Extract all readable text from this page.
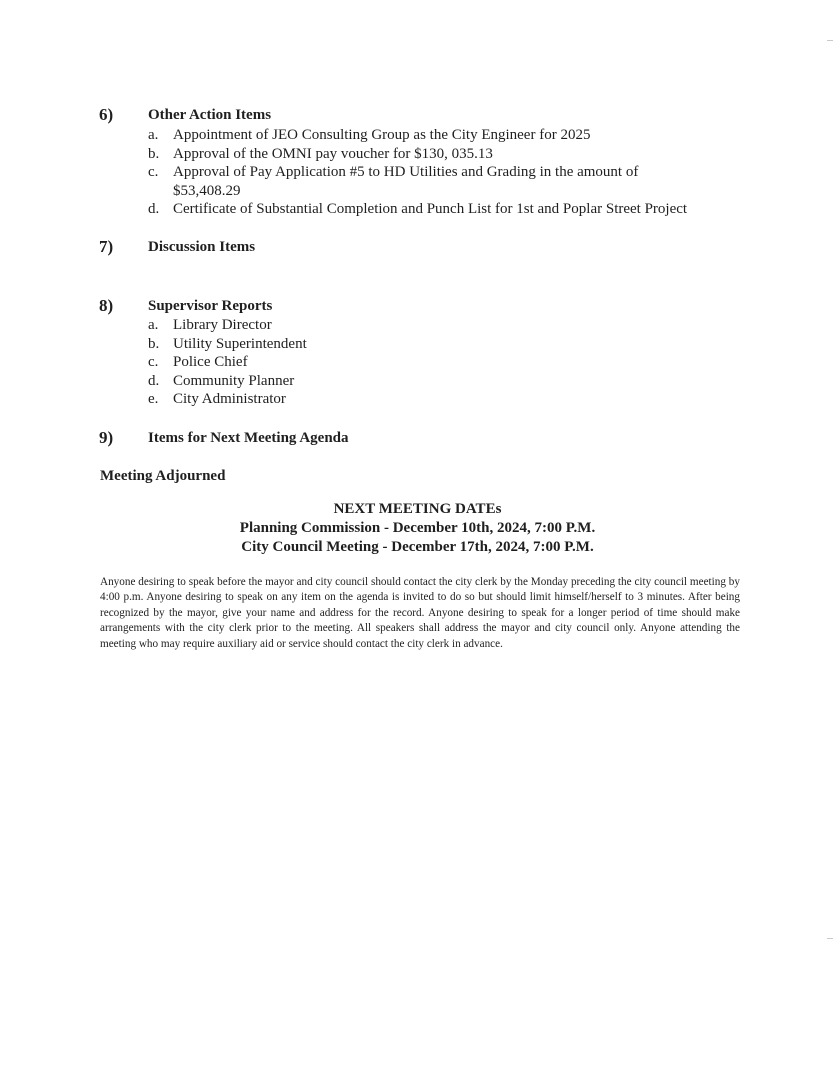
6) Other Action Items
a. Appointment of JEO Consulting Group as the City Engineer for 2025
b. Approval of the OMNI pay voucher for $130, 035.13
c. Approval of Pay Application #5 to HD Utilities and Grading in the amount of $53,408.29
d. Certificate of Substantial Completion and Punch List for 1st and Poplar Street Project
7) Discussion Items
8) Supervisor Reports
a. Library Director
b. Utility Superintendent
c. Police Chief
d. Community Planner
e. City Administrator
9) Items for Next Meeting Agenda
Meeting Adjourned
NEXT MEETING DATEs
Planning Commission - December 10th, 2024, 7:00 P.M.
City Council Meeting - December 17th, 2024, 7:00 P.M.
Anyone desiring to speak before the mayor and city council should contact the city clerk by the Monday preceding the city council meeting by 4:00 p.m. Anyone desiring to speak on any item on the agenda is invited to do so but should limit himself/herself to 3 minutes. After being recognized by the mayor, give your name and address for the record. Anyone desiring to speak for a longer period of time should make arrangements with the city clerk prior to the meeting. All speakers shall address the mayor and city council only. Anyone attending the meeting who may require auxiliary aid or service should contact the city clerk in advance.
